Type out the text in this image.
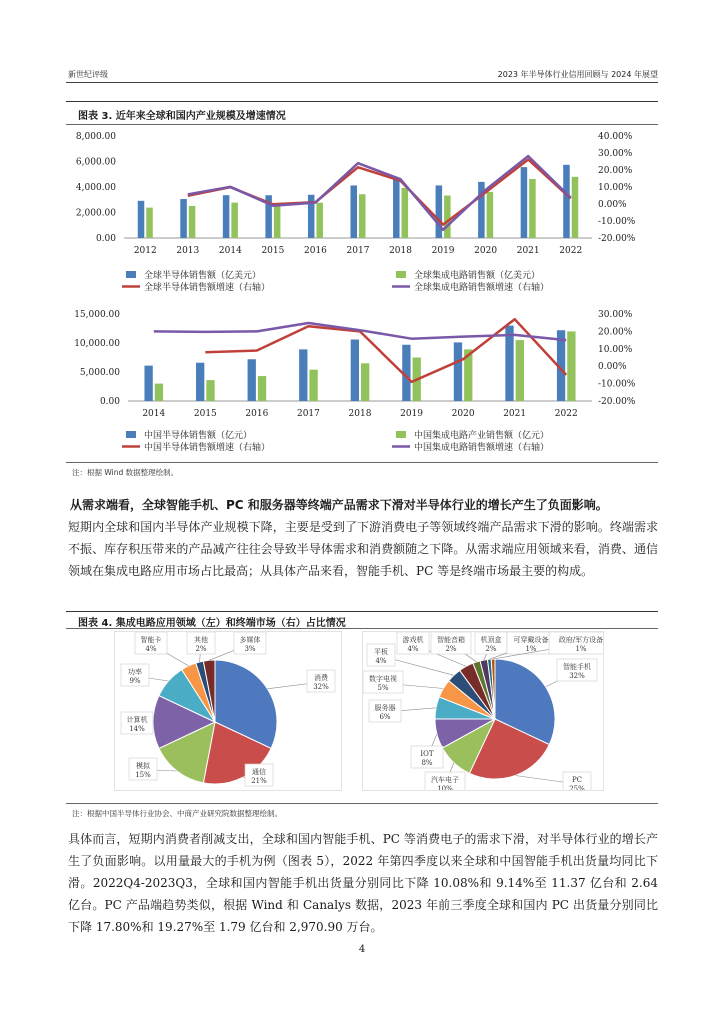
新世纪评级	2023 年半导体行业信用回顾与 2024 年展望
图表 3. 近年来全球和国内产业规模及增速情况
0.00
2,000.00
4,000.00
6,000.00
8,000.00
-20.00%
-10.00%
0.00%
10.00%
20.00%
30.00%
40.00%
2012 2013 2014 2015 2016 2017 2018 2019 2020 2021 2022
全球半导体销售额（亿美元）	全球集成电路销售额（亿美元）
全球半导体销售额增速（右轴）	全球集成电路销售额增速（右轴）
0.00
5,000.00
10,000.00
15,000.00
-20.00%
-10.00%
0.00%
10.00%
20.00%
30.00%
2014	2015	2016	2017	2018	2019	2020	2021	2022
中国半导体销售额（亿元）	中国集成电路产业销售额（亿元）
中国半导体销售额增速（右轴）	中国集成电路销售额增速（右轴）
注：根据 Wind 数据整理绘制。
从需求端看，全球智能手机、PC 和服务器等终端产品需求下滑对半导体行业的增长产生了负面影响。
短期内全球和国内半导体产业规模下降，主要是受到了下游消费电子等领域终端产品需求下滑的影响。终端需求不振、库存积压带来的产品减产往往会导致半导体需求和消费额随之下降。从需求端应用领域来看，消费、通信领域在集成电路应用市场占比最高；从具体产品来看，智能手机、PC 等是终端市场最主要的构成。
图表 4. 集成电路应用领域（左）和终端市场（右）占比情况
消费
32%
通信
21%
模拟
15%
计算机
14%
功率
9%
智能卡
4%
其他
2%
多媒体
3%
智能手机
32%
PC
25%
汽车电子
10%
IOT
8%
服务器
6%
数字电视
5%
平板
4%
游戏机
4%
智能音箱
2%
机顶盒
2%
可穿戴设备
1%
政府/军方设备
1%
注：根据中国半导体行业协会、中商产业研究院数据整理绘制。
具体而言，短期内消费者削减支出，全球和国内智能手机、PC 等消费电子的需求下滑，对半导体行业的增长产生了负面影响。以用量最大的手机为例（图表 5），2022 年第四季度以来全球和中国智能手机出货量均同比下滑。2022Q4-2023Q3，全球和国内智能手机出货量分别同比下降 10.08%和 9.14%至 11.37 亿台和 2.64 亿台。PC 产品端趋势类似，根据 Wind 和 Canalys 数据，2023 年前三季度全球和国内 PC 出货量分别同比下降 17.80%和 19.27%至 1.79 亿台和 2,970.90 万台。
4
